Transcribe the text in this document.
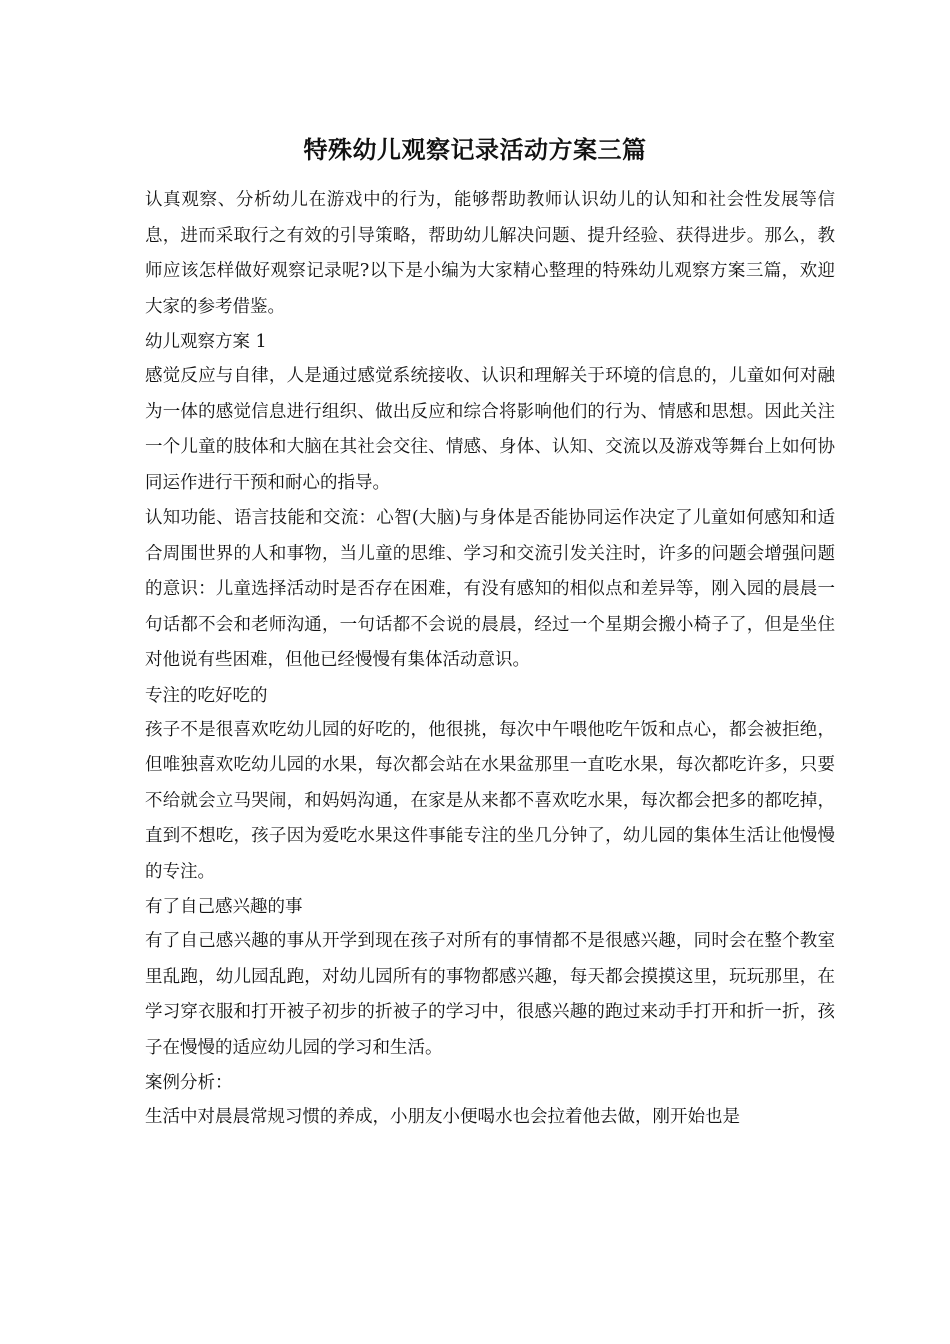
特殊幼儿观察记录活动方案三篇

认真观察、分析幼儿在游戏中的行为，能够帮助教师认识幼儿的认知和社会性发展等信息，进而采取行之有效的引导策略，帮助幼儿解决问题、提升经验、获得进步。那么，教师应该怎样做好观察记录呢?以下是小编为大家精心整理的特殊幼儿观察方案三篇，欢迎大家的参考借鉴。

幼儿观察方案 1

感觉反应与自律，人是通过感觉系统接收、认识和理解关于环境的信息的，儿童如何对融为一体的感觉信息进行组织、做出反应和综合将影响他们的行为、情感和思想。因此关注一个儿童的肢体和大脑在其社会交往、情感、身体、认知、交流以及游戏等舞台上如何协同运作进行干预和耐心的指导。

认知功能、语言技能和交流：心智(大脑)与身体是否能协同运作决定了儿童如何感知和适合周围世界的人和事物，当儿童的思维、学习和交流引发关注时，许多的问题会增强问题的意识：儿童选择活动时是否存在困难，有没有感知的相似点和差异等，刚入园的晨晨一句话都不会和老师沟通，一句话都不会说的晨晨，经过一个星期会搬小椅子了，但是坐住对他说有些困难，但他已经慢慢有集体活动意识。

专注的吃好吃的

孩子不是很喜欢吃幼儿园的好吃的，他很挑，每次中午喂他吃午饭和点心，都会被拒绝，但唯独喜欢吃幼儿园的水果，每次都会站在水果盆那里一直吃水果，每次都吃许多，只要不给就会立马哭闹，和妈妈沟通，在家是从来都不喜欢吃水果，每次都会把多的都吃掉，直到不想吃，孩子因为爱吃水果这件事能专注的坐几分钟了，幼儿园的集体生活让他慢慢的专注。

有了自己感兴趣的事

有了自己感兴趣的事从开学到现在孩子对所有的事情都不是很感兴趣，同时会在整个教室里乱跑，幼儿园乱跑，对幼儿园所有的事物都感兴趣，每天都会摸摸这里，玩玩那里，在学习穿衣服和打开被子初步的折被子的学习中，很感兴趣的跑过来动手打开和折一折，孩子在慢慢的适应幼儿园的学习和生活。

案例分析：

生活中对晨晨常规习惯的养成，小朋友小便喝水也会拉着他去做，刚开始也是
